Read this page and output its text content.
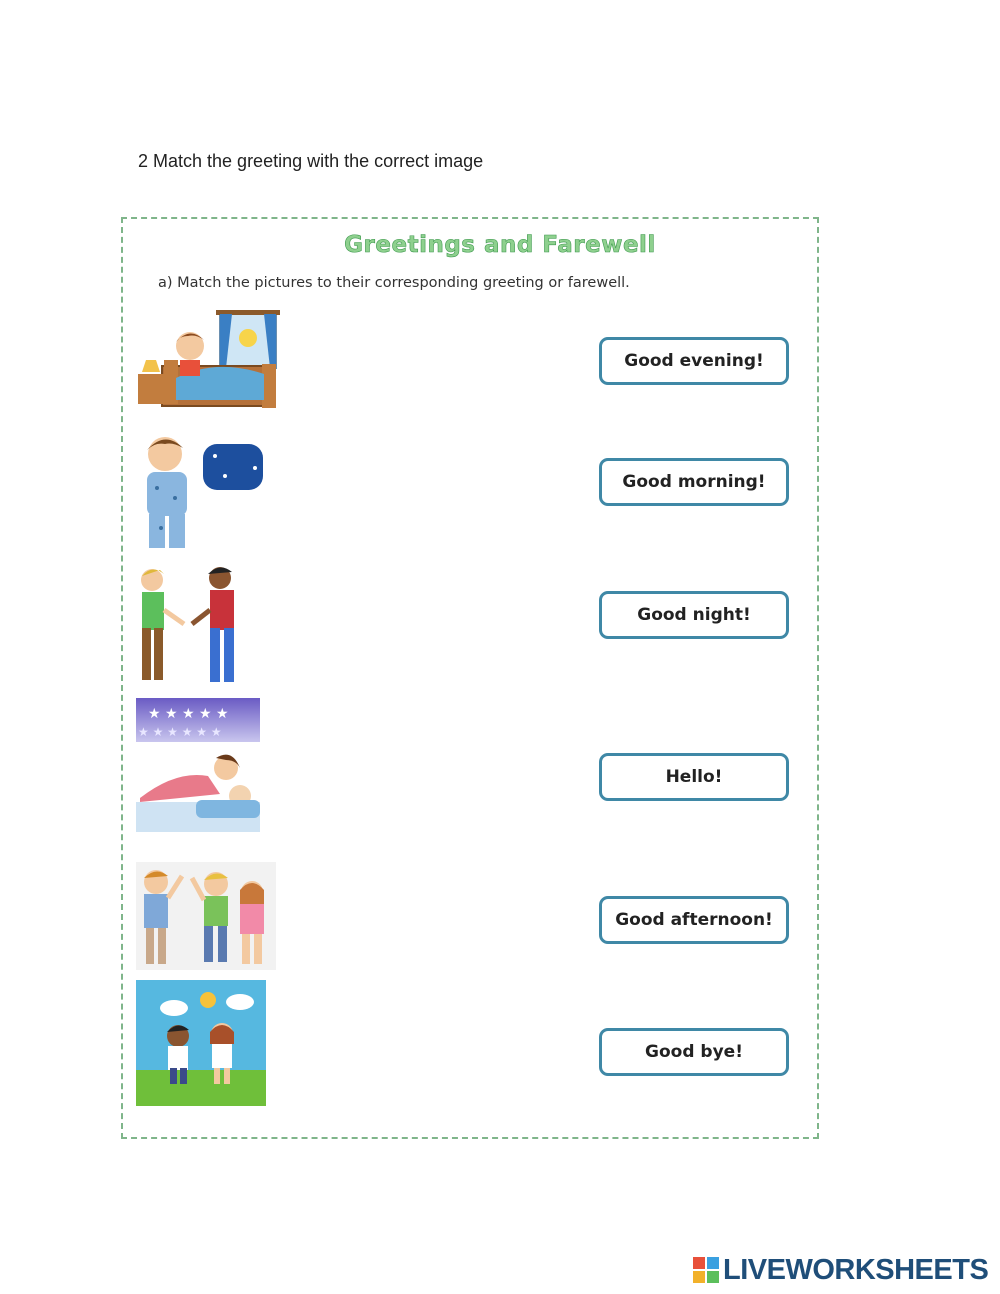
2 Match the greeting with the correct image
Greetings and Farewell
a) Match the pictures to their corresponding greeting or farewell.
★ ★ ★ ★ ★
★ ★ ★ ★ ★ ★
Good evening!
Good morning!
Good night!
Hello!
Good afternoon!
Good bye!
LIVEWORKSHEETS
